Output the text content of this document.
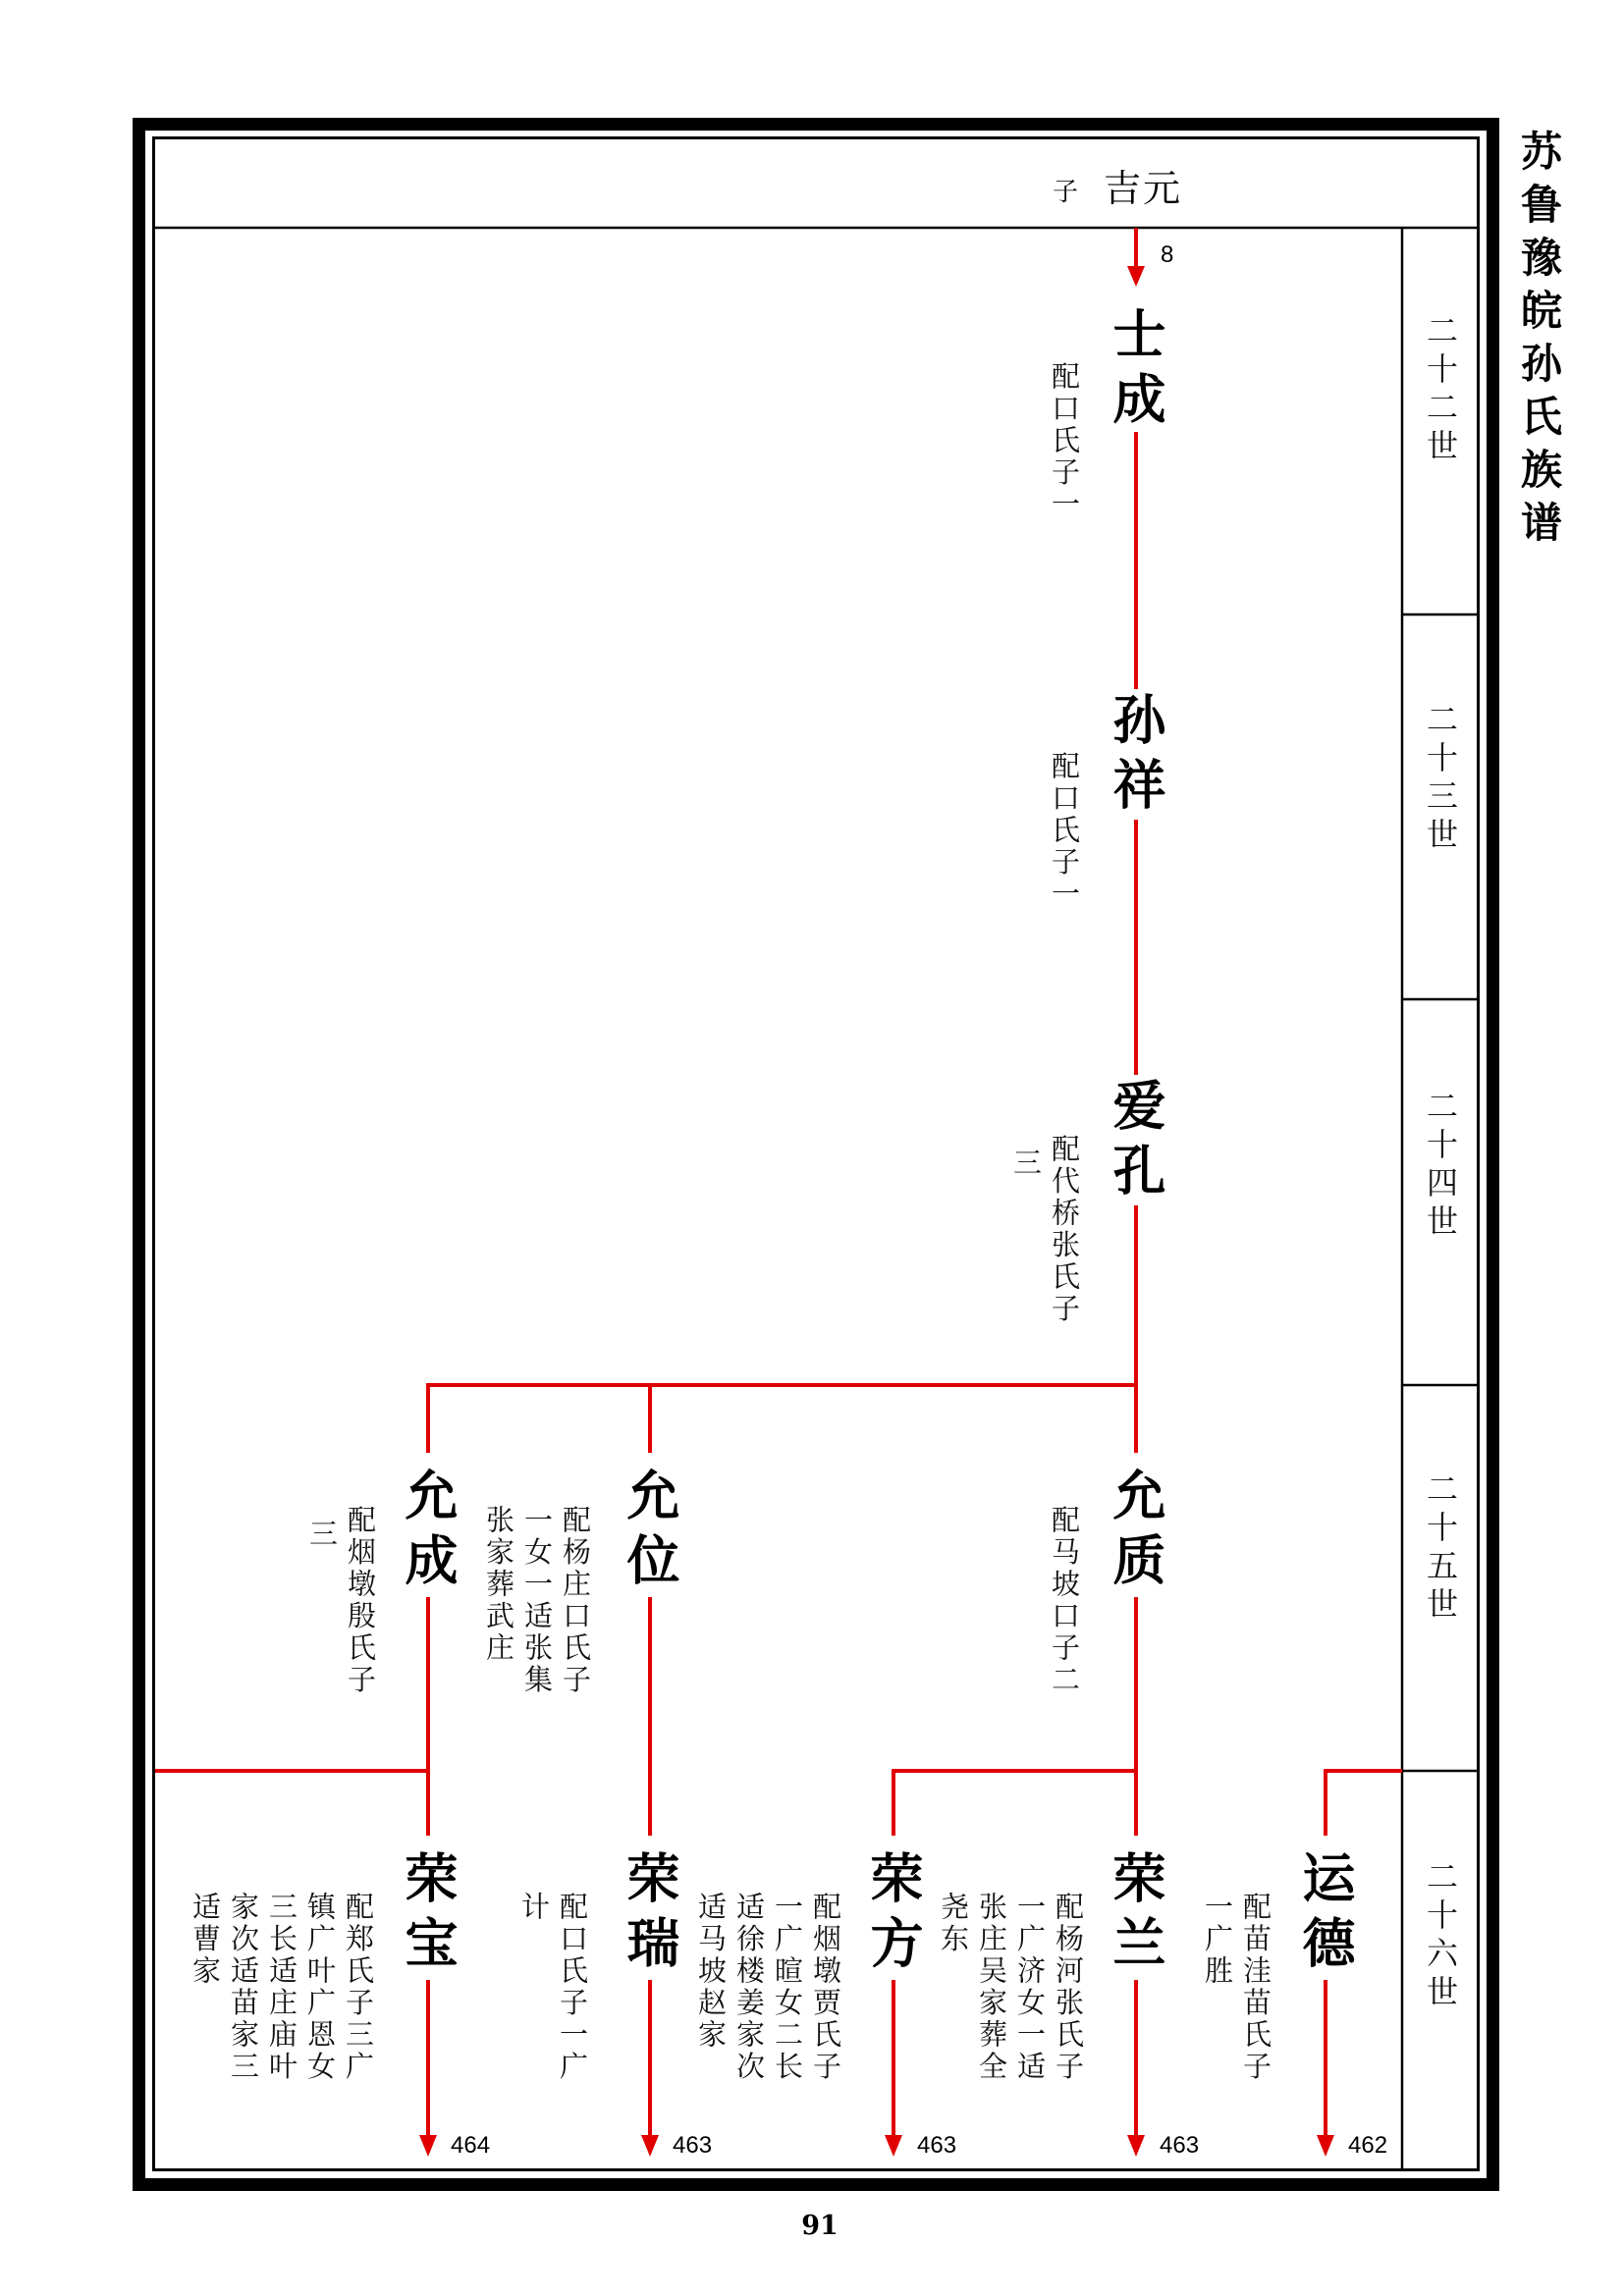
苏鲁豫皖孙氏族谱
子 吉元
8
二十二世
二十三世
二十四世
二十五世
二十六世
士成
配口氏子一
孙祥
配口氏子一
爱孔
配代桥张氏子
三
允成
配烟墩殷氏子
三	允位
配杨庄口氏子
一女一适张集
张家葬武庄	允质
配马坡口子二
荣宝
配郑氏子三广
镇广叶广恩女
三长适庄庙叶
家次适苗家三
适曹家
464
荣瑞
配口氏子一广
计
463
荣方
配烟墩贾氏子
一广暄女二长
适徐楼姜家次
适马坡赵家
463
荣兰
配杨河张氏子
一广济女一适
张庄吴家葬全
尧东
463
运德
配苗洼苗氏子
一广胜
462
91
